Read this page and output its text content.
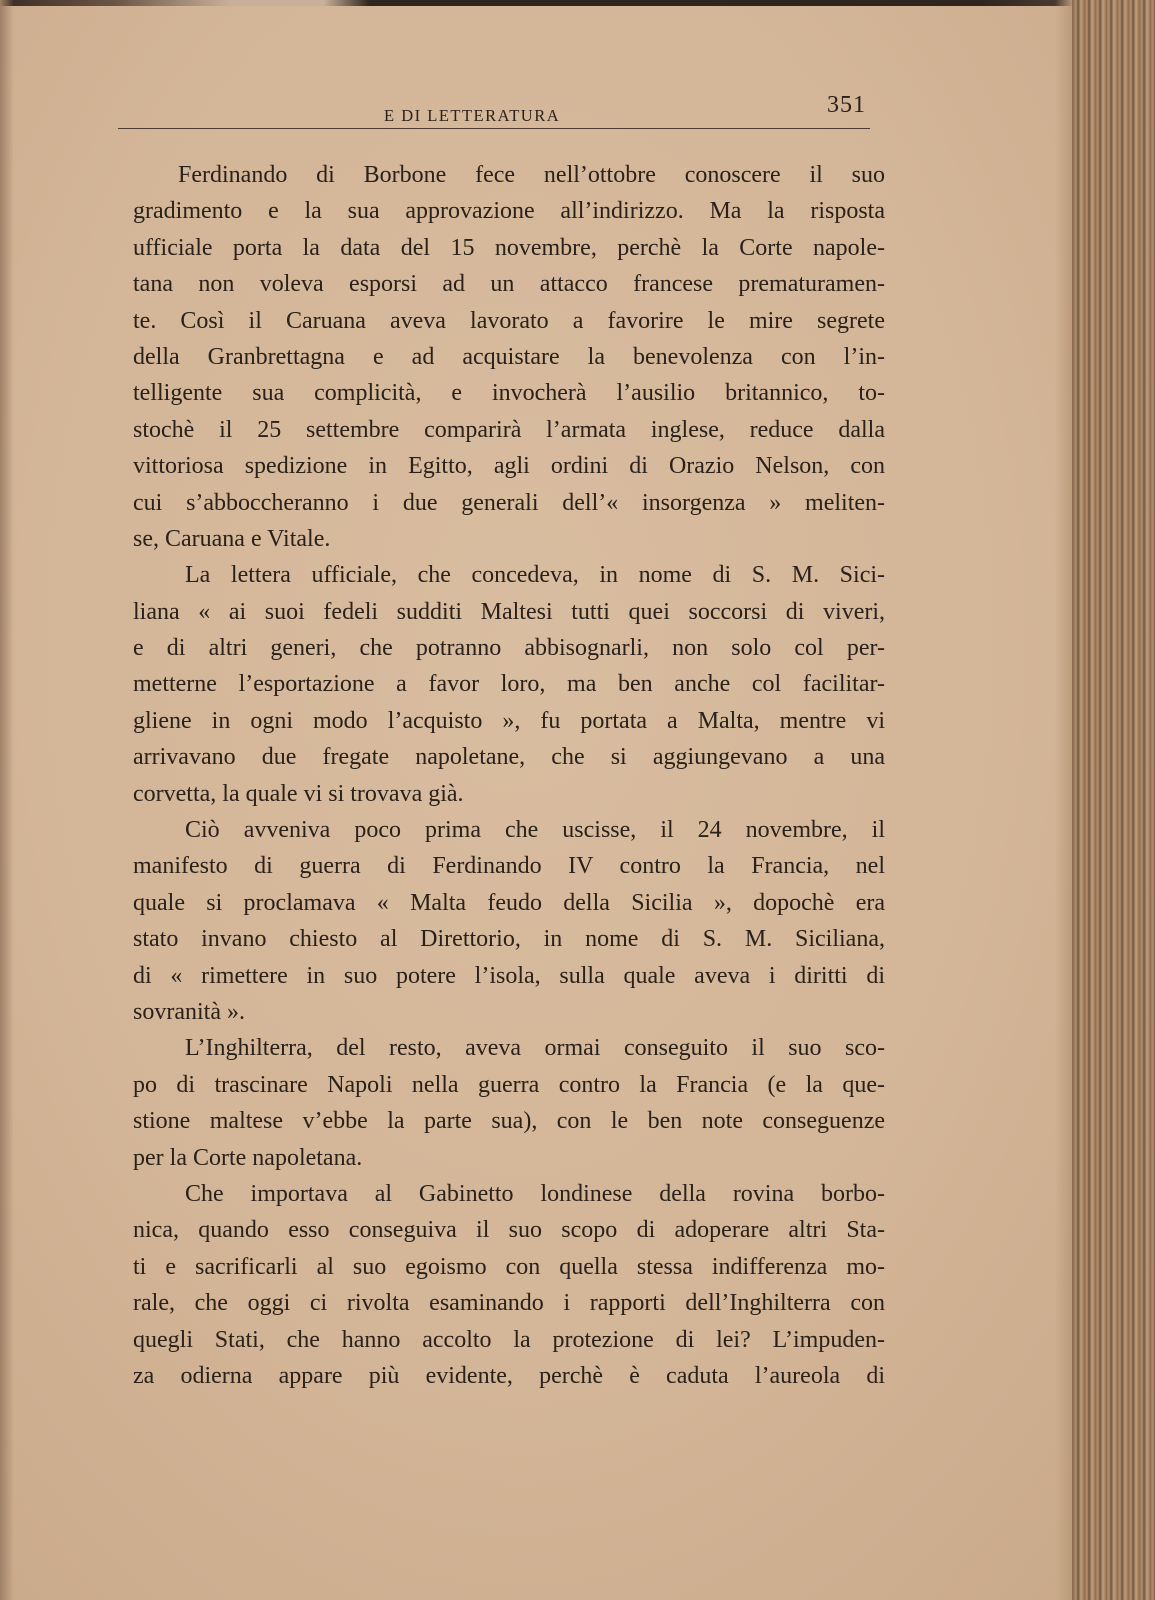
E DI LETTERATURA	351
Ferdinando di Borbone fece nell’ottobre conoscere il suo
gradimento e la sua approvazione all’indirizzo. Ma la risposta
ufficiale porta la data del 15 novembre, perchè la Corte napole-
tana non voleva esporsi ad un attacco francese prematuramen-
te. Così il Caruana aveva lavorato a favorire le mire segrete
della Granbrettagna e ad acquistare la benevolenza con l’in-
telligente sua complicità, e invocherà l’ausilio britannico, to-
stochè il 25 settembre comparirà l’armata inglese, reduce dalla
vittoriosa spedizione in Egitto, agli ordini di Orazio Nelson, con
cui s’abboccheranno i due generali dell’« insorgenza » meliten-
se, Caruana e Vitale.
La lettera ufficiale, che concedeva, in nome di S. M. Sici-
liana « ai suoi fedeli sudditi Maltesi tutti quei soccorsi di viveri,
e di altri generi, che potranno abbisognarli, non solo col per-
metterne l’esportazione a favor loro, ma ben anche col facilitar-
gliene in ogni modo l’acquisto », fu portata a Malta, mentre vi
arrivavano due fregate napoletane, che si aggiungevano a una
corvetta, la quale vi si trovava già.
Ciò avveniva poco prima che uscisse, il 24 novembre, il
manifesto di guerra di Ferdinando IV contro la Francia, nel
quale si proclamava « Malta feudo della Sicilia », dopochè era
stato invano chiesto al Direttorio, in nome di S. M. Siciliana,
di « rimettere in suo potere l’isola, sulla quale aveva i diritti di
sovranità ».
L’Inghilterra, del resto, aveva ormai conseguito il suo sco-
po di trascinare Napoli nella guerra contro la Francia (e la que-
stione maltese v’ebbe la parte sua), con le ben note conseguenze
per la Corte napoletana.
Che importava al Gabinetto londinese della rovina borbo-
nica, quando esso conseguiva il suo scopo di adoperare altri Sta-
ti e sacrificarli al suo egoismo con quella stessa indifferenza mo-
rale, che oggi ci rivolta esaminando i rapporti dell’Inghilterra con
quegli Stati, che hanno accolto la protezione di lei? L’impuden-
za odierna appare più evidente, perchè è caduta l’aureola di
